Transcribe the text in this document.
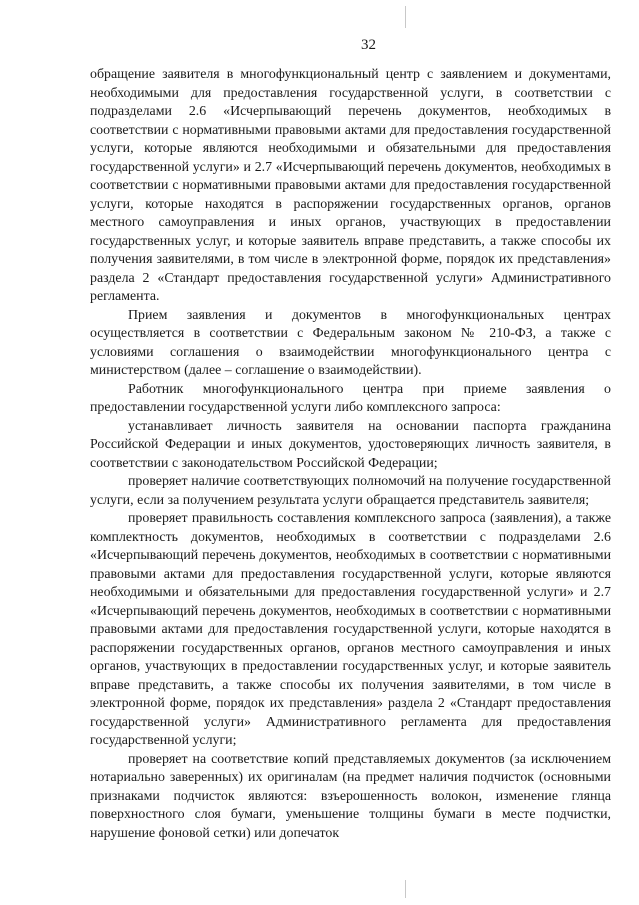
32

обращение заявителя в многофункциональный центр с заявлением и документами, необходимыми для предоставления государственной услуги, в соответствии с подразделами 2.6 «Исчерпывающий перечень документов, необходимых в соответствии с нормативными правовыми актами для предоставления государственной услуги, которые являются необходимыми и обязательными для предоставления государственной услуги» и 2.7 «Исчерпывающий перечень документов, необходимых в соответствии с нормативными правовыми актами для предоставления государственной услуги, которые находятся в распоряжении государственных органов, органов местного самоуправления и иных органов, участвующих в предоставлении государственных услуг, и которые заявитель вправе представить, а также способы их получения заявителями, в том числе в электронной форме, порядок их представления» раздела 2 «Стандарт предоставления государственной услуги» Административного регламента.

Прием заявления и документов в многофункциональных центрах осуществляется в соответствии с Федеральным законом № 210-ФЗ, а также с условиями соглашения о взаимодействии многофункционального центра с министерством (далее – соглашение о взаимодействии).

Работник многофункционального центра при приеме заявления о предоставлении государственной услуги либо комплексного запроса:

устанавливает личность заявителя на основании паспорта гражданина Российской Федерации и иных документов, удостоверяющих личность заявителя, в соответствии с законодательством Российской Федерации;

проверяет наличие соответствующих полномочий на получение государственной услуги, если за получением результата услуги обращается представитель заявителя;

проверяет правильность составления комплексного запроса (заявления), а также комплектность документов, необходимых в соответствии с подразделами 2.6 «Исчерпывающий перечень документов, необходимых в соответствии с нормативными правовыми актами для предоставления государственной услуги, которые являются необходимыми и обязательными для предоставления государственной услуги» и 2.7 «Исчерпывающий перечень документов, необходимых в соответствии с нормативными правовыми актами для предоставления государственной услуги, которые находятся в распоряжении государственных органов, органов местного самоуправления и иных органов, участвующих в предоставлении государственных услуг, и которые заявитель вправе представить, а также способы их получения заявителями, в том числе в электронной форме, порядок их представления» раздела 2 «Стандарт предоставления государственной услуги» Административного регламента для предоставления государственной услуги;

проверяет на соответствие копий представляемых документов (за исключением нотариально заверенных) их оригиналам (на предмет наличия подчисток (основными признаками подчисток являются: взъерошенность волокон, изменение глянца поверхностного слоя бумаги, уменьшение толщины бумаги в месте подчистки, нарушение фоновой сетки) или допечаток
